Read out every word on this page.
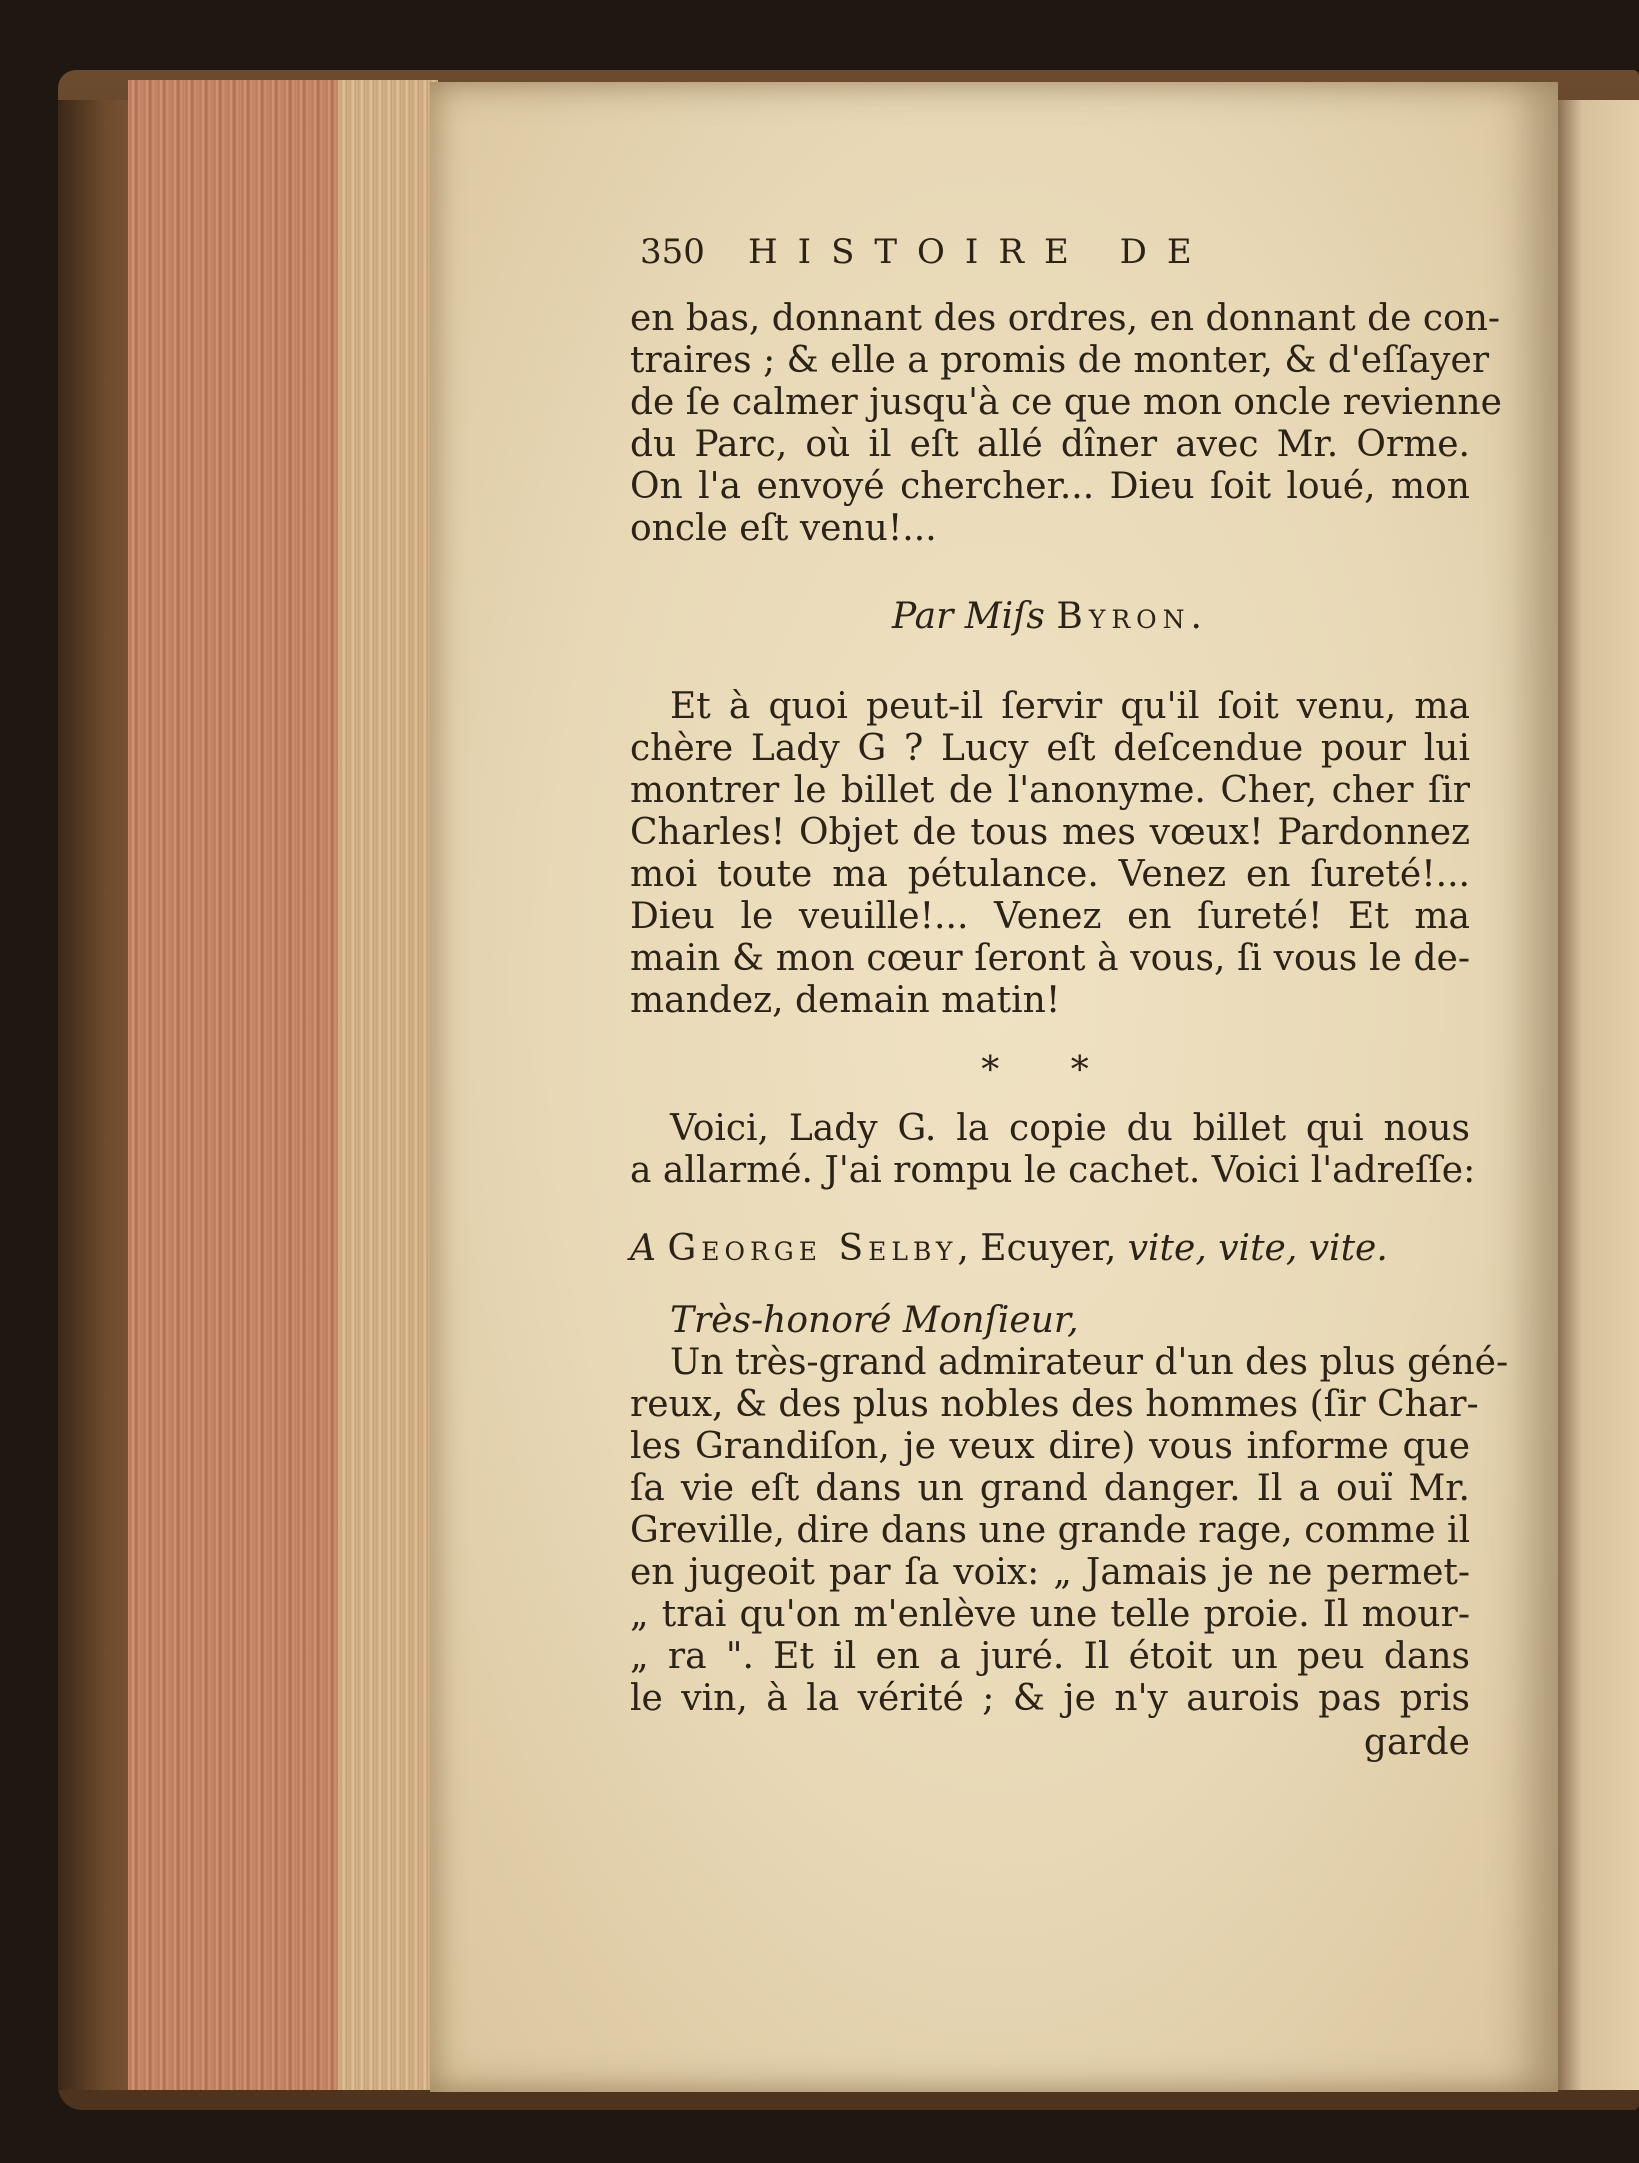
350 HISTOIRE DE
en bas, donnant des ordres, en donnant de con-
traires ; & elle a promis de monter, & d'eſſayer
de ſe calmer jusqu'à ce que mon oncle revienne
du Parc, où il eſt allé dîner avec Mr. Orme.
On l'a envoyé chercher... Dieu ſoit loué, mon
oncle eſt venu!...
Par Miſs Byron.
Et à quoi peut-il ſervir qu'il ſoit venu, ma
chère Lady G ? Lucy eſt deſcendue pour lui
montrer le billet de l'anonyme. Cher, cher ſir
Charles! Objet de tous mes vœux! Pardonnez
moi toute ma pétulance. Venez en ſureté!...
Dieu le veuille!... Venez en ſureté! Et ma
main & mon cœur ſeront à vous, ſi vous le de-
mandez, demain matin!
* *
Voici, Lady G. la copie du billet qui nous
a allarmé. J'ai rompu le cachet. Voici l'adreſſe:
A George Selby, Ecuyer, vite, vite, vite.
Très-honoré Monſieur,
Un très-grand admirateur d'un des plus géné-
reux, & des plus nobles des hommes (ſir Char-
les Grandiſon, je veux dire) vous informe que
ſa vie eſt dans un grand danger. Il a ouï Mr.
Greville, dire dans une grande rage, comme il
en jugeoit par ſa voix: „ Jamais je ne permet-
„ trai qu'on m'enlève une telle proie. Il mour-
„ ra ". Et il en a juré. Il étoit un peu dans
le vin, à la vérité ; & je n'y aurois pas pris
garde
